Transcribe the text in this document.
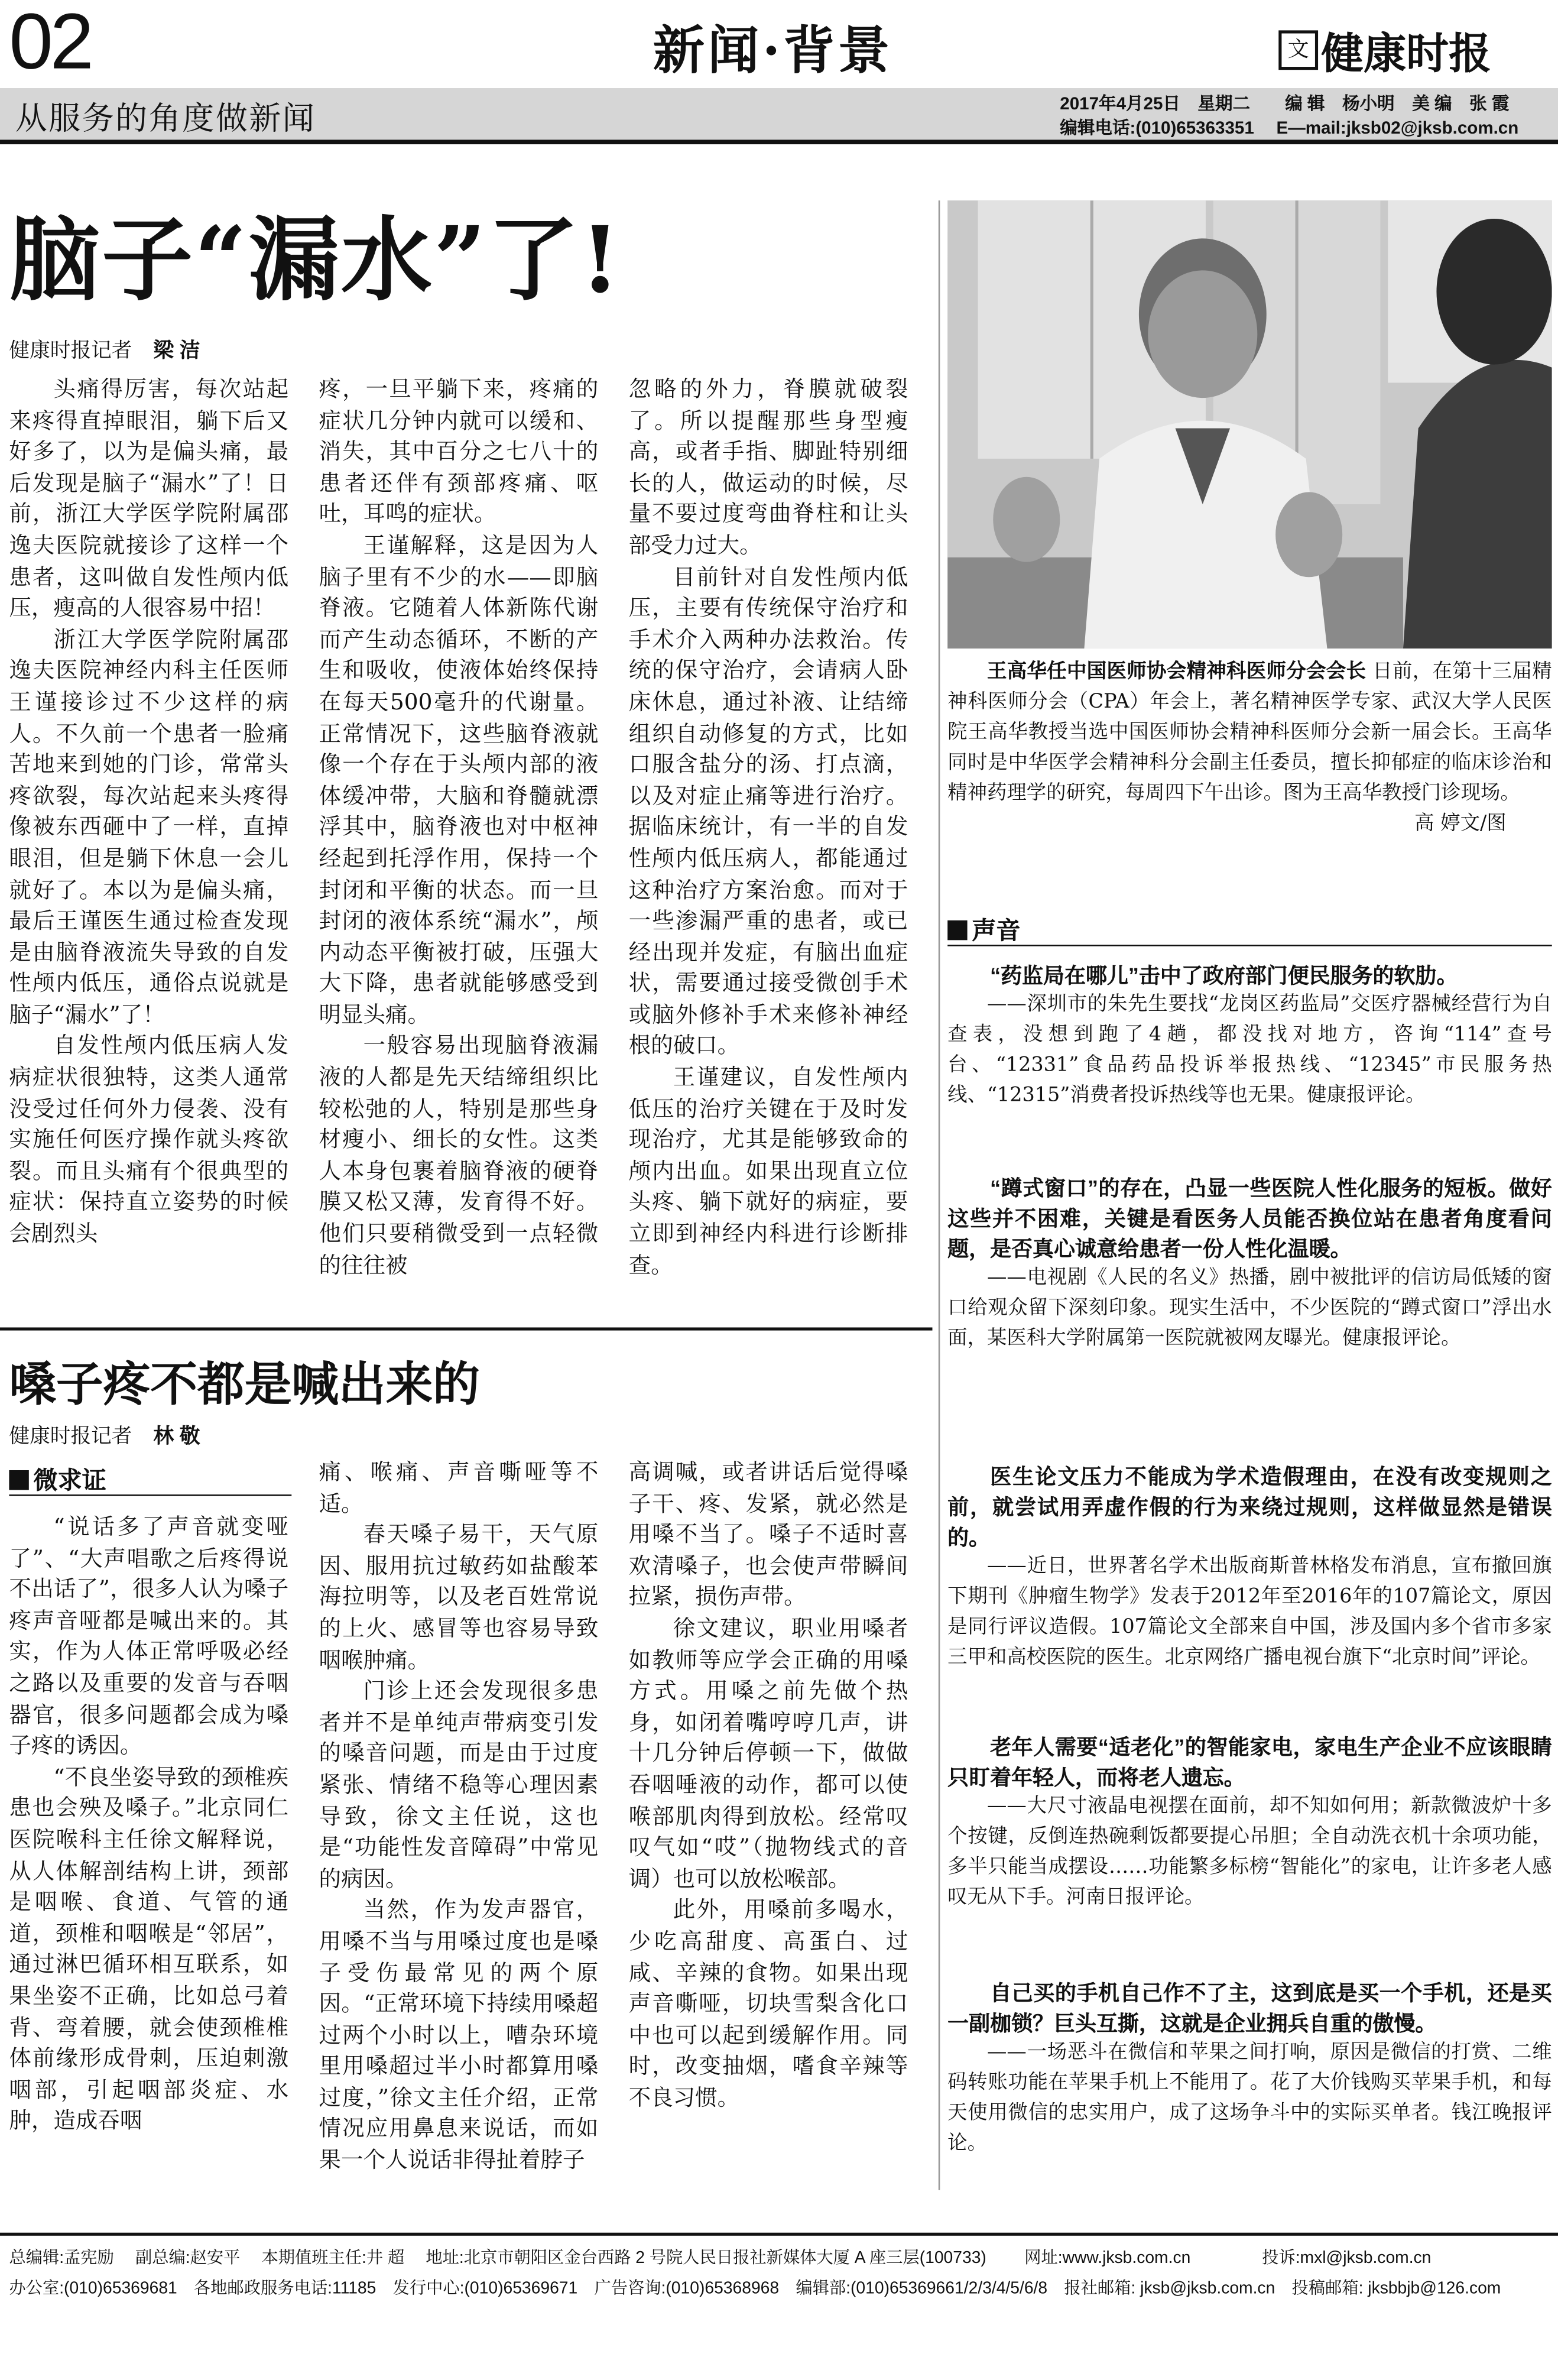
02	新闻·背景	文 健康时报
从服务的角度做新闻	2017年4月25日　星期二　　编 辑　杨小明　美 编　张 霞
编辑电话:(010)65363351　 E—mail:jksb02@jksb.com.cn
脑子“漏水”了!
健康时报记者	梁 洁

头痛得厉害，每次站起来疼得直掉眼泪，躺下后又好多了，以为是偏头痛，最后发现是脑子“漏水”了！日前，浙江大学医学院附属邵逸夫医院就接诊了这样一个患者，这叫做自发性颅内低压，瘦高的人很容易中招！

浙江大学医学院附属邵逸夫医院神经内科主任医师王谨接诊过不少这样的病人。不久前一个患者一脸痛苦地来到她的门诊，常常头疼欲裂，每次站起来头疼得像被东西砸中了一样，直掉眼泪，但是躺下休息一会儿就好了。本以为是偏头痛，最后王谨医生通过检查发现是由脑脊液流失导致的自发性颅内低压，通俗点说就是脑子“漏水”了！

自发性颅内低压病人发病症状很独特，这类人通常没受过任何外力侵袭、没有实施任何医疗操作就头疼欲裂。而且头痛有个很典型的症状：保持直立姿势的时候会剧烈头

疼，一旦平躺下来，疼痛的症状几分钟内就可以缓和、消失，其中百分之七八十的患者还伴有颈部疼痛、呕吐，耳鸣的症状。

王谨解释，这是因为人脑子里有不少的水——即脑脊液。它随着人体新陈代谢而产生动态循环，不断的产生和吸收，使液体始终保持在每天500毫升的代谢量。正常情况下，这些脑脊液就像一个存在于头颅内部的液体缓冲带，大脑和脊髓就漂浮其中，脑脊液也对中枢神经起到托浮作用，保持一个封闭和平衡的状态。而一旦封闭的液体系统“漏水”，颅内动态平衡被打破，压强大大下降，患者就能够感受到明显头痛。

一般容易出现脑脊液漏液的人都是先天结缔组织比较松弛的人，特别是那些身材瘦小、细长的女性。这类人本身包裹着脑脊液的硬脊膜又松又薄，发育得不好。他们只要稍微受到一点轻微的往往被

忽略的外力，脊膜就破裂了。所以提醒那些身型瘦高，或者手指、脚趾特别细长的人，做运动的时候，尽量不要过度弯曲脊柱和让头部受力过大。

目前针对自发性颅内低压，主要有传统保守治疗和手术介入两种办法救治。传统的保守治疗，会请病人卧床休息，通过补液、让结缔组织自动修复的方式，比如口服含盐分的汤、打点滴，以及对症止痛等进行治疗。据临床统计，有一半的自发性颅内低压病人，都能通过这种治疗方案治愈。而对于一些渗漏严重的患者，或已经出现并发症，有脑出血症状，需要通过接受微创手术或脑外修补手术来修补神经根的破口。

王谨建议，自发性颅内低压的治疗关键在于及时发现治疗，尤其是能够致命的颅内出血。如果出现直立位头疼、躺下就好的病症，要立即到神经内科进行诊断排查。

王高华任中国医师协会精神科医师分会会长 日前，在第十三届精神科医师分会（CPA）年会上，著名精神医学专家、武汉大学人民医院王高华教授当选中国医师协会精神科医师分会新一届会长。王高华同时是中华医学会精神科分会副主任委员，擅长抑郁症的临床诊治和精神药理学的研究，每周四下午出诊。图为王高华教授门诊现场。

高 婷文/图
声音
“药监局在哪儿”击中了政府部门便民服务的软肋。

——深圳市的朱先生要找“龙岗区药监局”交医疗器械经营行为自查表，没想到跑了4趟，都没找对地方，咨询“114”查号台、“12331”食品药品投诉举报热线、“12345”市民服务热线、“12315”消费者投诉热线等也无果。健康报评论。

“蹲式窗口”的存在，凸显一些医院人性化服务的短板。做好这些并不困难，关键是看医务人员能否换位站在患者角度看问题，是否真心诚意给患者一份人性化温暖。

——电视剧《人民的名义》热播，剧中被批评的信访局低矮的窗口给观众留下深刻印象。现实生活中，不少医院的“蹲式窗口”浮出水面，某医科大学附属第一医院就被网友曝光。健康报评论。

医生论文压力不能成为学术造假理由，在没有改变规则之前，就尝试用弄虚作假的行为来绕过规则，这样做显然是错误的。

——近日，世界著名学术出版商斯普林格发布消息，宣布撤回旗下期刊《肿瘤生物学》发表于2012年至2016年的107篇论文，原因是同行评议造假。107篇论文全部来自中国，涉及国内多个省市多家三甲和高校医院的医生。北京网络广播电视台旗下“北京时间”评论。

老年人需要“适老化”的智能家电，家电生产企业不应该眼睛只盯着年轻人，而将老人遗忘。

——大尺寸液晶电视摆在面前，却不知如何用；新款微波炉十多个按键，反倒连热碗剩饭都要提心吊胆；全自动洗衣机十余项功能，多半只能当成摆设……功能繁多标榜“智能化”的家电，让许多老人感叹无从下手。河南日报评论。

自己买的手机自己作不了主，这到底是买一个手机，还是买一副枷锁？巨头互撕，这就是企业拥兵自重的傲慢。

——一场恶斗在微信和苹果之间打响，原因是微信的打赏、二维码转账功能在苹果手机上不能用了。花了大价钱购买苹果手机，和每天使用微信的忠实用户，成了这场争斗中的实际买单者。钱江晚报评论。

嗓子疼不都是喊出来的
健康时报记者	林 敬
微求证

“说话多了声音就变哑了”、“大声唱歌之后疼得说不出话了”，很多人认为嗓子疼声音哑都是喊出来的。其实，作为人体正常呼吸必经之路以及重要的发音与吞咽器官，很多问题都会成为嗓子疼的诱因。

“不良坐姿导致的颈椎疾患也会殃及嗓子。”北京同仁医院喉科主任徐文解释说，从人体解剖结构上讲，颈部是咽喉、食道、气管的通道，颈椎和咽喉是“邻居”，通过淋巴循环相互联系，如果坐姿不正确，比如总弓着背、弯着腰，就会使颈椎椎体前缘形成骨刺，压迫刺激咽部，引起咽部炎症、水肿，造成吞咽

痛、喉痛、声音嘶哑等不适。

春天嗓子易干，天气原因、服用抗过敏药如盐酸苯海拉明等，以及老百姓常说的上火、感冒等也容易导致咽喉肿痛。

门诊上还会发现很多患者并不是单纯声带病变引发的嗓音问题，而是由于过度紧张、情绪不稳等心理因素导致，徐文主任说，这也是“功能性发音障碍”中常见的病因。

当然，作为发声器官，用嗓不当与用嗓过度也是嗓子受伤最常见的两个原因。“正常环境下持续用嗓超过两个小时以上，嘈杂环境里用嗓超过半小时都算用嗓过度，”徐文主任介绍，正常情况应用鼻息来说话，而如果一个人说话非得扯着脖子

高调喊，或者讲话后觉得嗓子干、疼、发紧，就必然是用嗓不当了。嗓子不适时喜欢清嗓子，也会使声带瞬间拉紧，损伤声带。

徐文建议，职业用嗓者如教师等应学会正确的用嗓方式。用嗓之前先做个热身，如闭着嘴哼哼几声，讲十几分钟后停顿一下，做做吞咽唾液的动作，都可以使喉部肌肉得到放松。经常叹叹气如“哎”（抛物线式的音调）也可以放松喉部。

此外，用嗓前多喝水，少吃高甜度、高蛋白、过咸、辛辣的食物。如果出现声音嘶哑，切块雪梨含化口中也可以起到缓解作用。同时，改变抽烟，嗜食辛辣等不良习惯。

总编辑:孟宪励　 副总编:赵安平　 本期值班主任:井 超　 地址:北京市朝阳区金台西路 2 号院人民日报社新媒体大厦 A 座三层(100733)　　 网址:www.jksb.com.cn　　　　 投诉:mxl@jksb.com.cn
办公室:(010)65369681　各地邮政服务电话:11185　发行中心:(010)65369671　广告咨询:(010)65368968　编辑部:(010)65369661/2/3/4/5/6/8　报社邮箱: jksb@jksb.com.cn　投稿邮箱: jksbbjb@126.com
